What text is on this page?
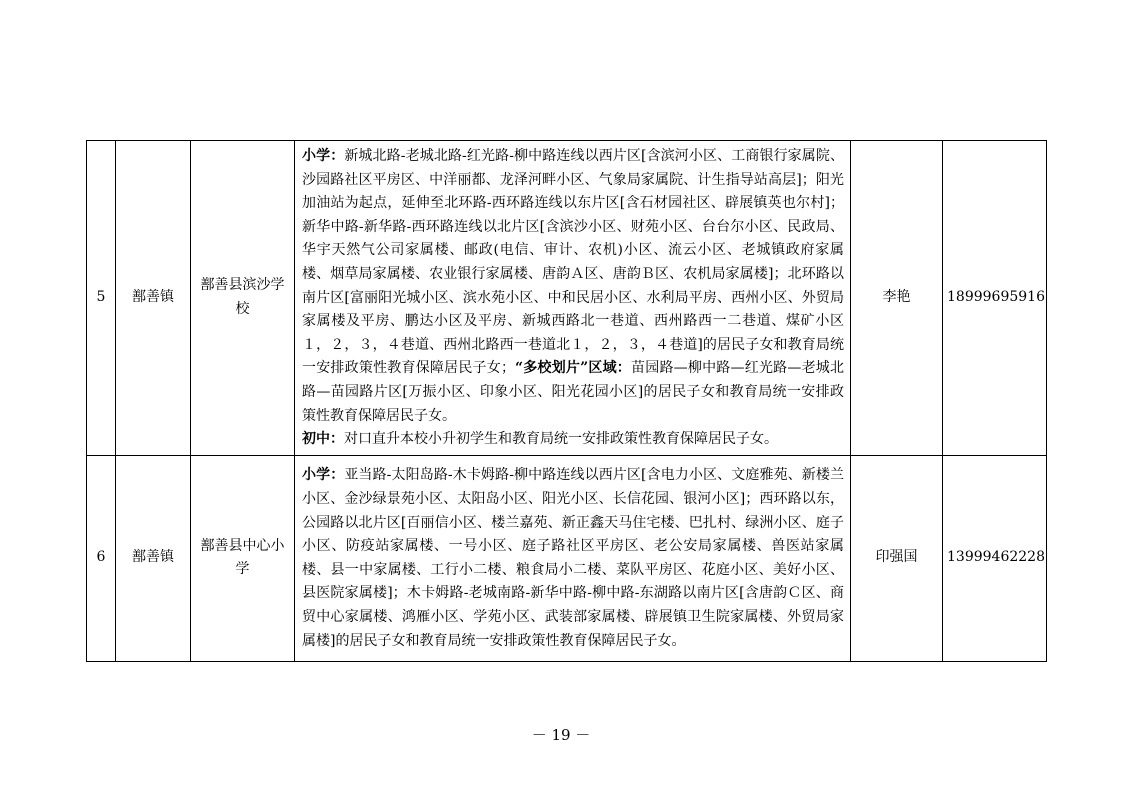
5	鄯善镇	鄯善县滨沙学校	小学：新城北路-老城北路-红光路-柳中路连线以西片区[含滨河小区、工商银行家属院、沙园路社区平房区、中洋丽都、龙泽河畔小区、气象局家属院、计生指导站高层]；阳光加油站为起点，延伸至北环路-西环路连线以东片区[含石材园社区、辟展镇英也尔村]；新华中路-新华路-西环路连线以北片区[含滨沙小区、财苑小区、台台尔小区、民政局、华宇天然气公司家属楼、邮政(电信、审计、农机)小区、流云小区、老城镇政府家属楼、烟草局家属楼、农业银行家属楼、唐韵Ａ区、唐韵Ｂ区、农机局家属楼]；北环路以南片区[富丽阳光城小区、滨水苑小区、中和民居小区、水利局平房、西州小区、外贸局家属楼及平房、鹏达小区及平房、新城西路北一巷道、西州路西一二巷道、煤矿小区１，２，３，４巷道、西州北路西一巷道北１，２，３，４巷道]的居民子女和教育局统一安排政策性教育保障居民子女；“多校划片”区域：苗园路—柳中路—红光路—老城北路—苗园路片区[万振小区、印象小区、阳光花园小区]的居民子女和教育局统一安排政策性教育保障居民子女。
初中：对口直升本校小升初学生和教育局统一安排政策性教育保障居民子女。	李艳	18999695916
6	鄯善镇	鄯善县中心小学	小学：亚当路-太阳岛路-木卡姆路-柳中路连线以西片区[含电力小区、文庭雅苑、新楼兰小区、金沙绿景苑小区、太阳岛小区、阳光小区、长信花园、银河小区]；西环路以东，公园路以北片区[百丽信小区、楼兰嘉苑、新正鑫天马住宅楼、巴扎村、绿洲小区、庭子小区、防疫站家属楼、一号小区、庭子路社区平房区、老公安局家属楼、兽医站家属楼、县一中家属楼、工行小二楼、粮食局小二楼、菜队平房区、花庭小区、美好小区、县医院家属楼]；木卡姆路-老城南路-新华中路-柳中路-东湖路以南片区[含唐韵Ｃ区、商贸中心家属楼、鸿雁小区、学苑小区、武装部家属楼、辟展镇卫生院家属楼、外贸局家属楼]的居民子女和教育局统一安排政策性教育保障居民子女。	印强国	13999462228
－ 19 －
